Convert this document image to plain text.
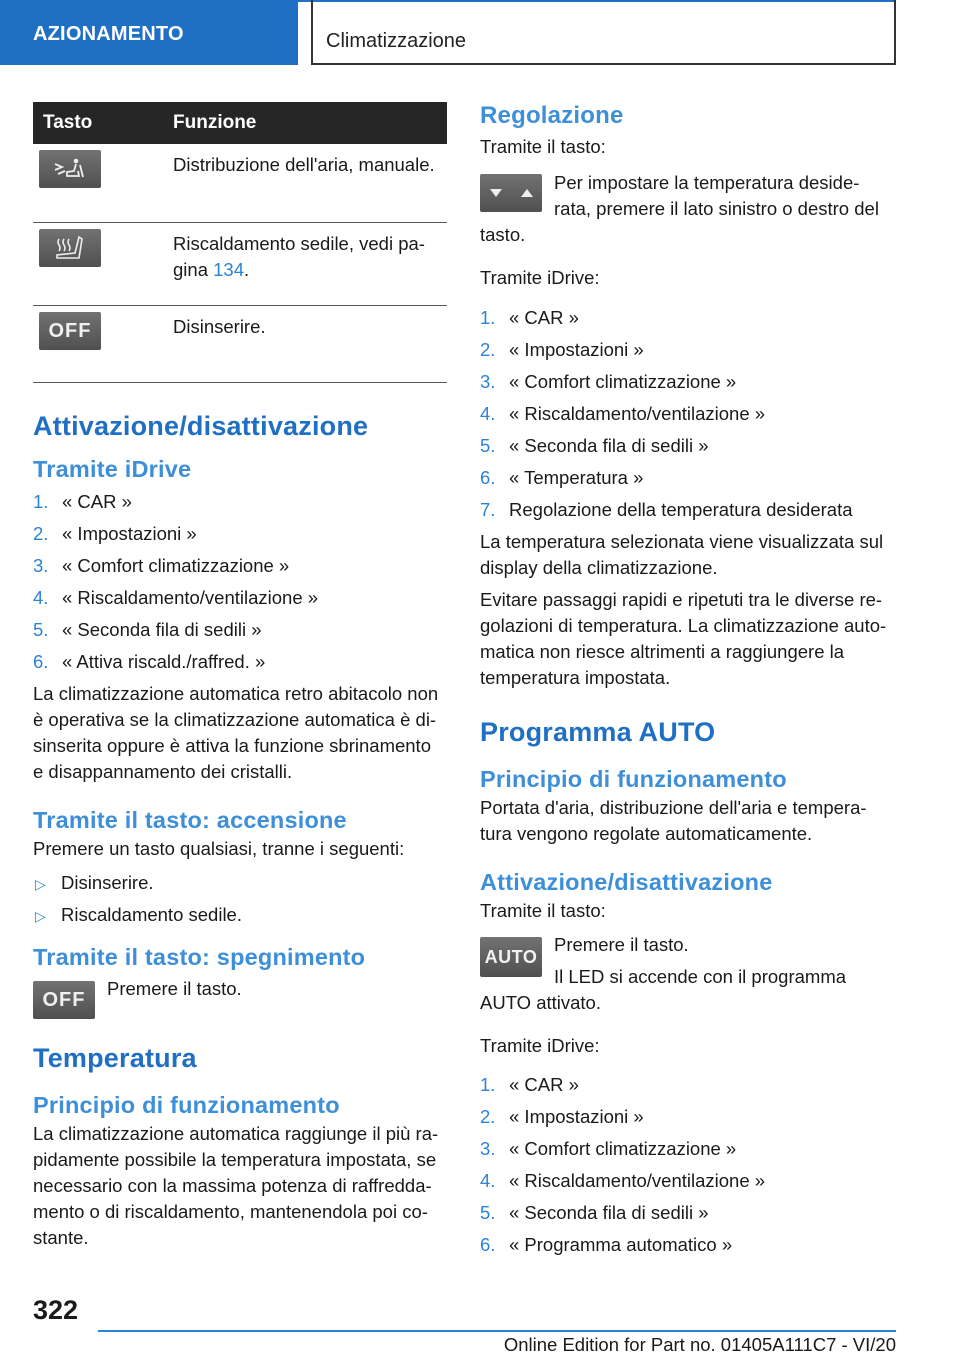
AZIONAMENTO	Climatizzazione
Tasto	Funzione

	Distribuzione dell'aria, manuale.

	Riscaldamento sedile, vedi pa-
gina 134.

OFF	Disinserire.
Attivazione/disattivazione
Tramite iDrive
1. « CAR »
2. « Impostazioni »
3. « Comfort climatizzazione »
4. « Riscaldamento/ventilazione »
5. « Seconda fila di sedili »
6. « Attiva riscald./raffred. »

La climatizzazione automatica retro abitacolo non
è operativa se la climatizzazione automatica è di-
sinserita oppure è attiva la funzione sbrinamento
e disappannamento dei cristalli.

Tramite il tasto: accensione

Premere un tasto qualsiasi, tranne i seguenti:

▷ Disinserire.
▷ Riscaldamento sedile.
Tramite il tasto: spegnimento
OFF Premere il tasto.

Temperatura
Principio di funzionamento

La climatizzazione automatica raggiunge il più ra-
pidamente possibile la temperatura impostata, se
necessario con la massima potenza di raffredda-
mento o di riscaldamento, mantenendola poi co-
stante.

Regolazione

Tramite il tasto:

Per impostare la temperatura deside-
rata, premere il lato sinistro o destro del

tasto.

Tramite iDrive:

1. « CAR »
2. « Impostazioni »
3. « Comfort climatizzazione »
4. « Riscaldamento/ventilazione »
5. « Seconda fila di sedili »
6. « Temperatura »
7. Regolazione della temperatura desiderata

La temperatura selezionata viene visualizzata sul
display della climatizzazione.

Evitare passaggi rapidi e ripetuti tra le diverse re-
golazioni di temperatura. La climatizzazione auto-
matica non riesce altrimenti a raggiungere la
temperatura impostata.

Programma AUTO
Principio di funzionamento

Portata d'aria, distribuzione dell'aria e tempera-
tura vengono regolate automaticamente.

Attivazione/disattivazione

Tramite il tasto:

AUTO

Premere il tasto.

Il LED si accende con il programma

AUTO attivato.

Tramite iDrive:

1. « CAR »
2. « Impostazioni »
3. « Comfort climatizzazione »
4. « Riscaldamento/ventilazione »
5. « Seconda fila di sedili »
6. « Programma automatico »
322
Online Edition for Part no. 01405A111C7 - VI/20
